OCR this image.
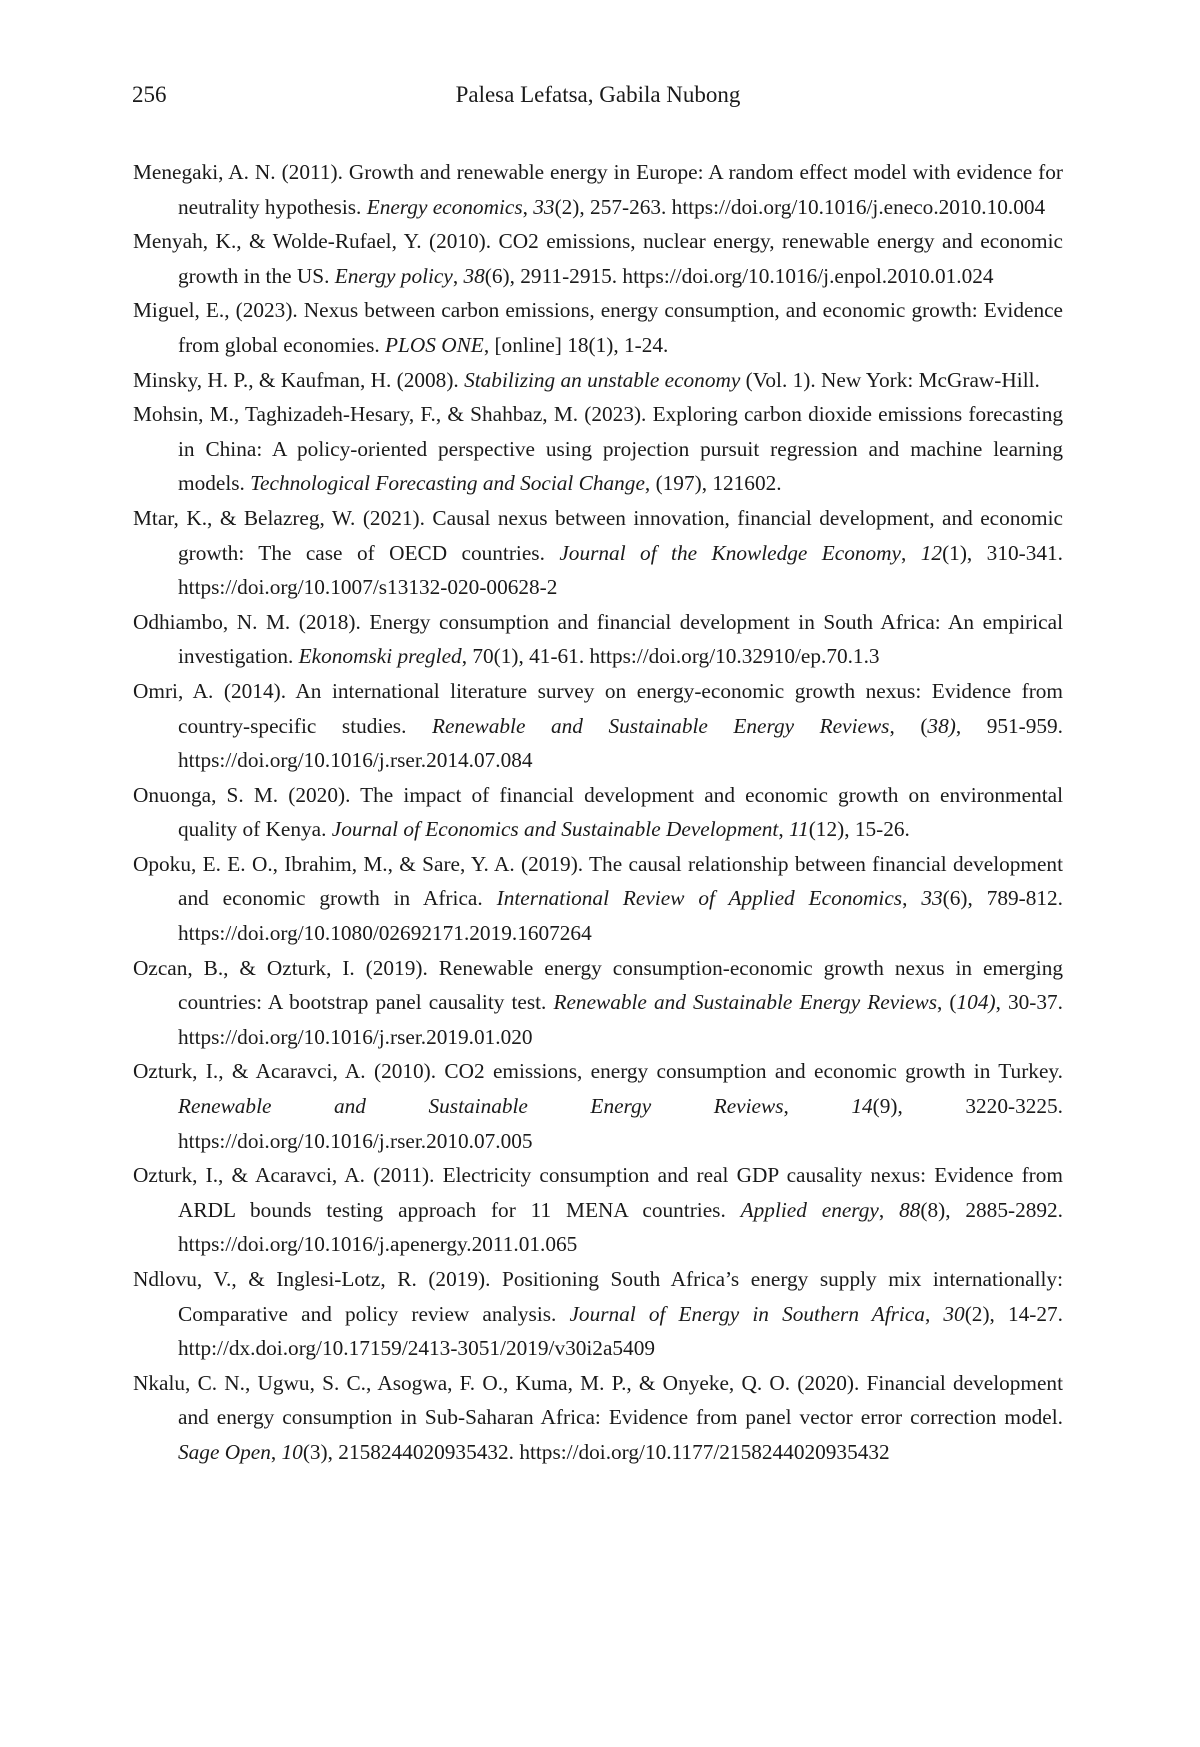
256	Palesa Lefatsa, Gabila Nubong
Menegaki, A. N. (2011). Growth and renewable energy in Europe: A random effect model with evidence for neutrality hypothesis. Energy economics, 33(2), 257-263. https://doi.org/10.1016/j.eneco.2010.10.004
Menyah, K., & Wolde-Rufael, Y. (2010). CO2 emissions, nuclear energy, renewable energy and economic growth in the US. Energy policy, 38(6), 2911-2915. https://doi.org/10.1016/j.enpol.2010.01.024
Miguel, E., (2023). Nexus between carbon emissions, energy consumption, and economic growth: Evidence from global economies. PLOS ONE, [online] 18(1), 1-24.
Minsky, H. P., & Kaufman, H. (2008). Stabilizing an unstable economy (Vol. 1). New York: McGraw-Hill.
Mohsin, M., Taghizadeh-Hesary, F., & Shahbaz, M. (2023). Exploring carbon dioxide emissions forecasting in China: A policy-oriented perspective using projection pursuit regression and machine learning models. Technological Forecasting and Social Change, (197), 121602.
Mtar, K., & Belazreg, W. (2021). Causal nexus between innovation, financial development, and economic growth: The case of OECD countries. Journal of the Knowledge Economy, 12(1), 310-341. https://doi.org/10.1007/s13132-020-00628-2
Odhiambo, N. M. (2018). Energy consumption and financial development in South Africa: An empirical investigation. Ekonomski pregled, 70(1), 41-61. https://doi.org/10.32910/ep.70.1.3
Omri, A. (2014). An international literature survey on energy-economic growth nexus: Evidence from country-specific studies. Renewable and Sustainable Energy Reviews, (38), 951-959. https://doi.org/10.1016/j.rser.2014.07.084
Onuonga, S. M. (2020). The impact of financial development and economic growth on environmental quality of Kenya. Journal of Economics and Sustainable Development, 11(12), 15-26.
Opoku, E. E. O., Ibrahim, M., & Sare, Y. A. (2019). The causal relationship between financial development and economic growth in Africa. International Review of Applied Economics, 33(6), 789-812. https://doi.org/10.1080/02692171.2019.1607264
Ozcan, B., & Ozturk, I. (2019). Renewable energy consumption-economic growth nexus in emerging countries: A bootstrap panel causality test. Renewable and Sustainable Energy Reviews, (104), 30-37. https://doi.org/10.1016/j.rser.2019.01.020
Ozturk, I., & Acaravci, A. (2010). CO2 emissions, energy consumption and economic growth in Turkey. Renewable and Sustainable Energy Reviews, 14(9), 3220-3225. https://doi.org/10.1016/j.rser.2010.07.005
Ozturk, I., & Acaravci, A. (2011). Electricity consumption and real GDP causality nexus: Evidence from ARDL bounds testing approach for 11 MENA countries. Applied energy, 88(8), 2885-2892. https://doi.org/10.1016/j.apenergy.2011.01.065
Ndlovu, V., & Inglesi-Lotz, R. (2019). Positioning South Africa’s energy supply mix internationally: Comparative and policy review analysis. Journal of Energy in Southern Africa, 30(2), 14-27. http://dx.doi.org/10.17159/2413-3051/2019/v30i2a5409
Nkalu, C. N., Ugwu, S. C., Asogwa, F. O., Kuma, M. P., & Onyeke, Q. O. (2020). Financial development and energy consumption in Sub-Saharan Africa: Evidence from panel vector error correction model. Sage Open, 10(3), 2158244020935432. https://doi.org/10.1177/2158244020935432
